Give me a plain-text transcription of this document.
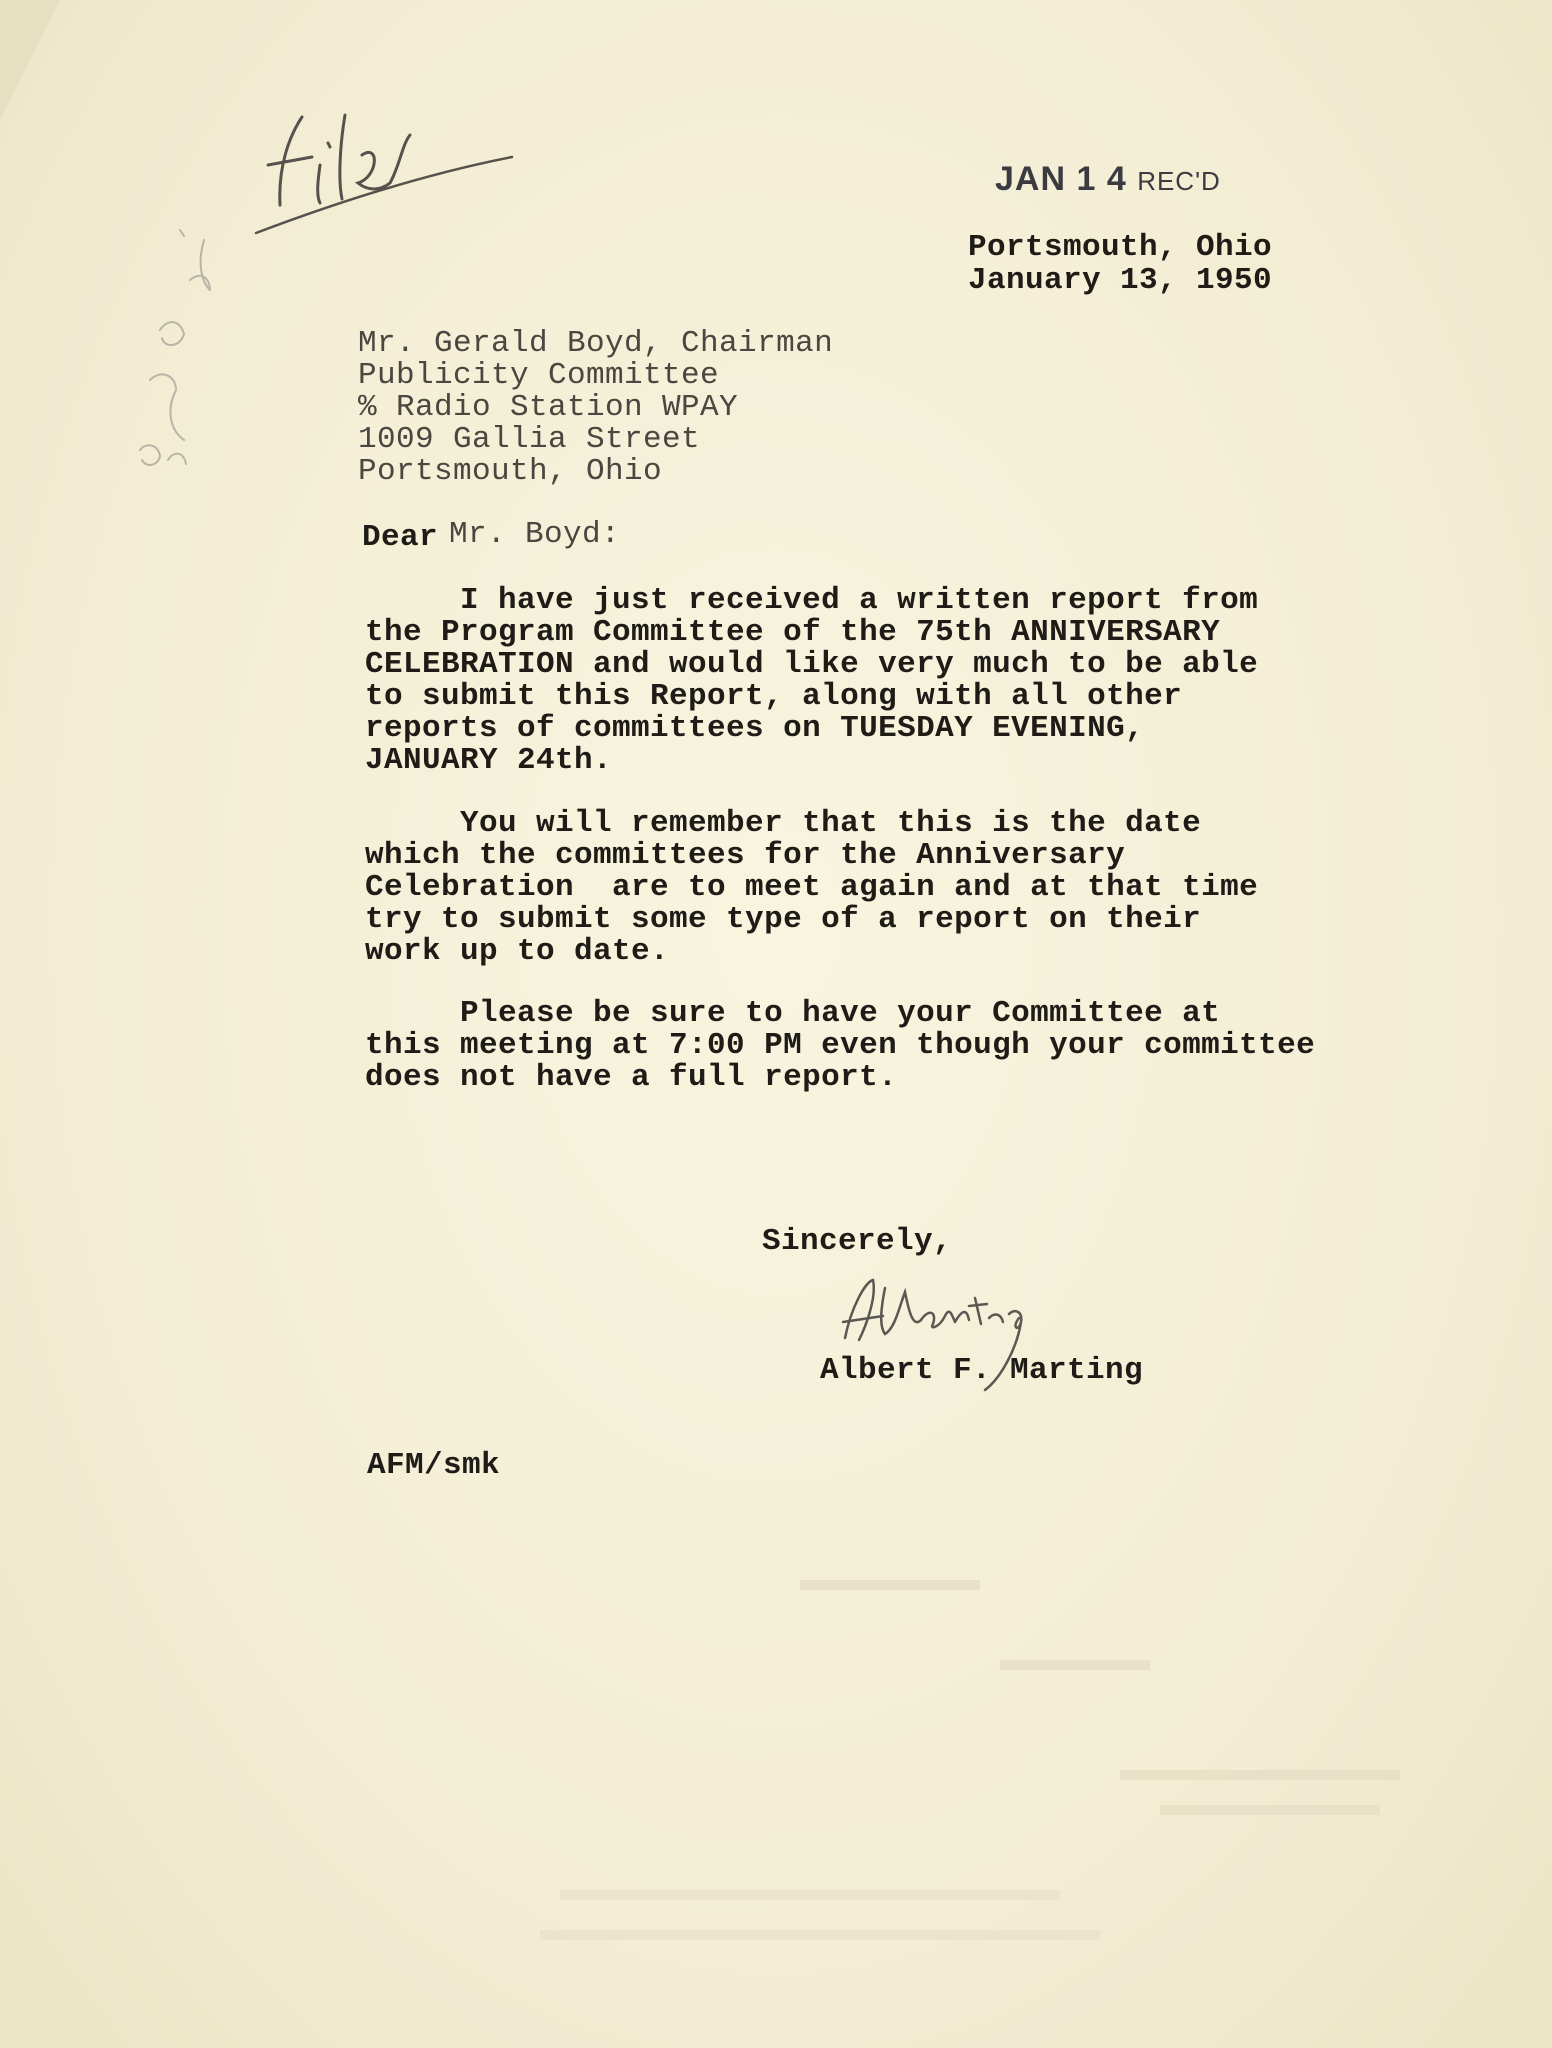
JAN 1 4 REC'D
Portsmouth, Ohio
January 13, 1950
Mr. Gerald Boyd, Chairman
Publicity Committee
% Radio Station WPAY
1009 Gallia Street
Portsmouth, Ohio
Dear Mr. Boyd:
I have just received a written report from
the Program Committee of the 75th ANNIVERSARY
CELEBRATION and would like very much to be able
to submit this Report, along with all other
reports of committees on TUESDAY EVENING,
JANUARY 24th.
You will remember that this is the date
which the committees for the Anniversary
Celebration  are to meet again and at that time
try to submit some type of a report on their
work up to date.
Please be sure to have your Committee at
this meeting at 7:00 PM even though your committee
does not have a full report.
Sincerely,
AFMarting
Albert F. Marting
AFM/smk
